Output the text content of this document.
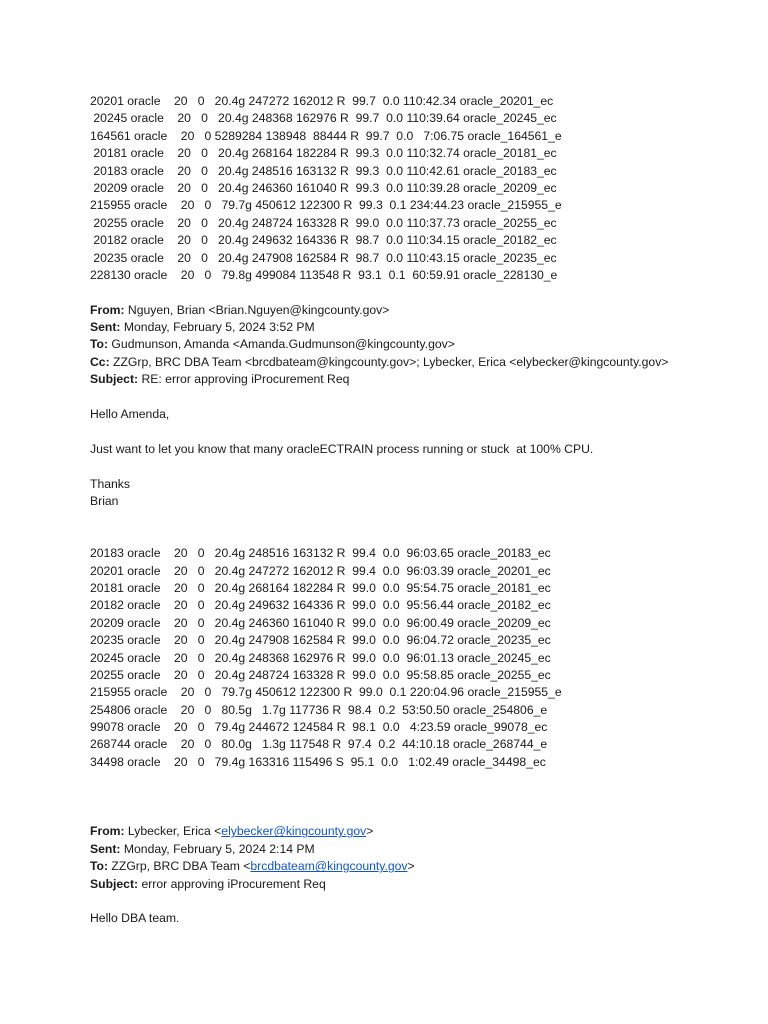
20201 oracle    20   0   20.4g 247272 162012 R  99.7  0.0 110:42.34 oracle_20201_ec
20245 oracle    20   0   20.4g 248368 162976 R  99.7  0.0 110:39.64 oracle_20245_ec
164561 oracle    20   0 5289284 138948  88444 R  99.7  0.0   7:06.75 oracle_164561_e
20181 oracle    20   0   20.4g 268164 182284 R  99.3  0.0 110:32.74 oracle_20181_ec
20183 oracle    20   0   20.4g 248516 163132 R  99.3  0.0 110:42.61 oracle_20183_ec
20209 oracle    20   0   20.4g 246360 161040 R  99.3  0.0 110:39.28 oracle_20209_ec
215955 oracle    20   0   79.7g 450612 122300 R  99.3  0.1 234:44.23 oracle_215955_e
20255 oracle    20   0   20.4g 248724 163328 R  99.0  0.0 110:37.73 oracle_20255_ec
20182 oracle    20   0   20.4g 249632 164336 R  98.7  0.0 110:34.15 oracle_20182_ec
20235 oracle    20   0   20.4g 247908 162584 R  98.7  0.0 110:43.15 oracle_20235_ec
228130 oracle    20   0   79.8g 499084 113548 R  93.1  0.1  60:59.91 oracle_228130_e
From: Nguyen, Brian <Brian.Nguyen@kingcounty.gov>
Sent: Monday, February 5, 2024 3:52 PM
To: Gudmunson, Amanda <Amanda.Gudmunson@kingcounty.gov>
Cc: ZZGrp, BRC DBA Team <brcdbateam@kingcounty.gov>; Lybecker, Erica <elybecker@kingcounty.gov>
Subject: RE: error approving iProcurement Req
Hello Amenda,
Just want to let you know that many oracleECTRAIN process running or stuck  at 100% CPU.
Thanks
Brian
20183 oracle    20   0   20.4g 248516 163132 R  99.4  0.0  96:03.65 oracle_20183_ec
20201 oracle    20   0   20.4g 247272 162012 R  99.4  0.0  96:03.39 oracle_20201_ec
20181 oracle    20   0   20.4g 268164 182284 R  99.0  0.0  95:54.75 oracle_20181_ec
20182 oracle    20   0   20.4g 249632 164336 R  99.0  0.0  95:56.44 oracle_20182_ec
20209 oracle    20   0   20.4g 246360 161040 R  99.0  0.0  96:00.49 oracle_20209_ec
20235 oracle    20   0   20.4g 247908 162584 R  99.0  0.0  96:04.72 oracle_20235_ec
20245 oracle    20   0   20.4g 248368 162976 R  99.0  0.0  96:01.13 oracle_20245_ec
20255 oracle    20   0   20.4g 248724 163328 R  99.0  0.0  95:58.85 oracle_20255_ec
215955 oracle    20   0   79.7g 450612 122300 R  99.0  0.1 220:04.96 oracle_215955_e
254806 oracle    20   0   80.5g   1.7g 117736 R  98.4  0.2  53:50.50 oracle_254806_e
99078 oracle    20   0   79.4g 244672 124584 R  98.1  0.0   4:23.59 oracle_99078_ec
268744 oracle    20   0   80.0g   1.3g 117548 R  97.4  0.2  44:10.18 oracle_268744_e
34498 oracle    20   0   79.4g 163316 115496 S  95.1  0.0   1:02.49 oracle_34498_ec
From: Lybecker, Erica <elybecker@kingcounty.gov>
Sent: Monday, February 5, 2024 2:14 PM
To: ZZGrp, BRC DBA Team <brcdbateam@kingcounty.gov>
Subject: error approving iProcurement Req
Hello DBA team.
